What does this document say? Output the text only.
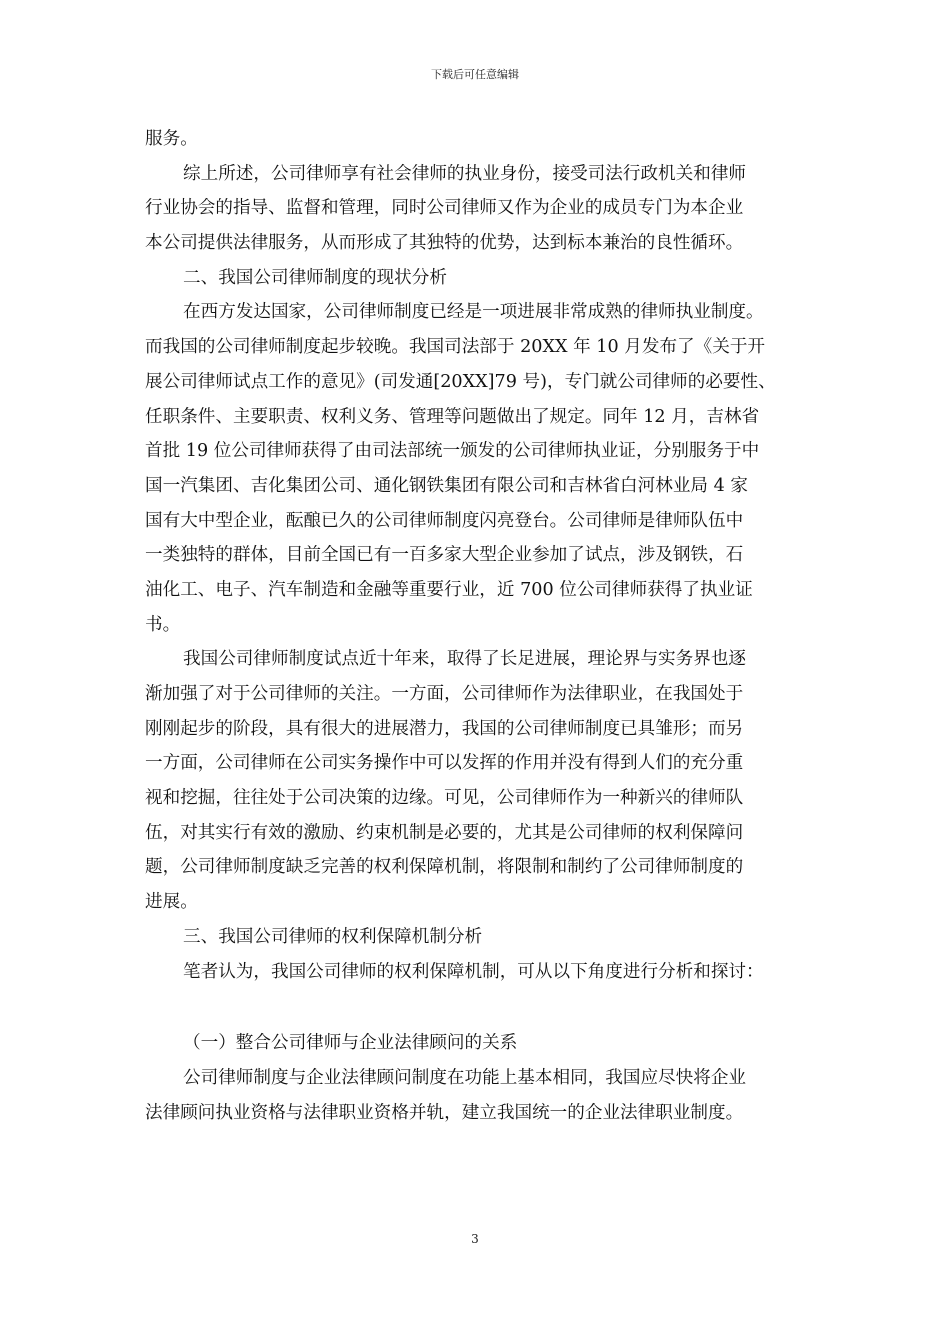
下载后可任意编辑
服务。
综上所述，公司律师享有社会律师的执业身份，接受司法行政机关和律师
行业协会的指导、监督和管理，同时公司律师又作为企业的成员专门为本企业
本公司提供法律服务，从而形成了其独特的优势，达到标本兼治的良性循环。
二、我国公司律师制度的现状分析
在西方发达国家，公司律师制度已经是一项进展非常成熟的律师执业制度。
而我国的公司律师制度起步较晚。我国司法部于 20XX 年 10 月发布了《关于开
展公司律师试点工作的意见》(司发通[20XX]79 号)，专门就公司律师的必要性、
任职条件、主要职责、权利义务、管理等问题做出了规定。同年 12 月，吉林省
首批 19 位公司律师获得了由司法部统一颁发的公司律师执业证，分别服务于中
国一汽集团、吉化集团公司、通化钢铁集团有限公司和吉林省白河林业局 4 家
国有大中型企业，酝酿已久的公司律师制度闪亮登台。公司律师是律师队伍中
一类独特的群体，目前全国已有一百多家大型企业参加了试点，涉及钢铁，石
油化工、电子、汽车制造和金融等重要行业，近 700 位公司律师获得了执业证
书。
我国公司律师制度试点近十年来，取得了长足进展，理论界与实务界也逐
渐加强了对于公司律师的关注。一方面，公司律师作为法律职业，在我国处于
刚刚起步的阶段，具有很大的进展潜力，我国的公司律师制度已具雏形；而另
一方面，公司律师在公司实务操作中可以发挥的作用并没有得到人们的充分重
视和挖掘，往往处于公司决策的边缘。可见，公司律师作为一种新兴的律师队
伍，对其实行有效的激励、约束机制是必要的，尤其是公司律师的权利保障问
题，公司律师制度缺乏完善的权利保障机制，将限制和制约了公司律师制度的
进展。
三、我国公司律师的权利保障机制分析
笔者认为，我国公司律师的权利保障机制，可从以下角度进行分析和探讨：
（一）整合公司律师与企业法律顾问的关系
公司律师制度与企业法律顾问制度在功能上基本相同，我国应尽快将企业
法律顾问执业资格与法律职业资格并轨，建立我国统一的企业法律职业制度。
3
